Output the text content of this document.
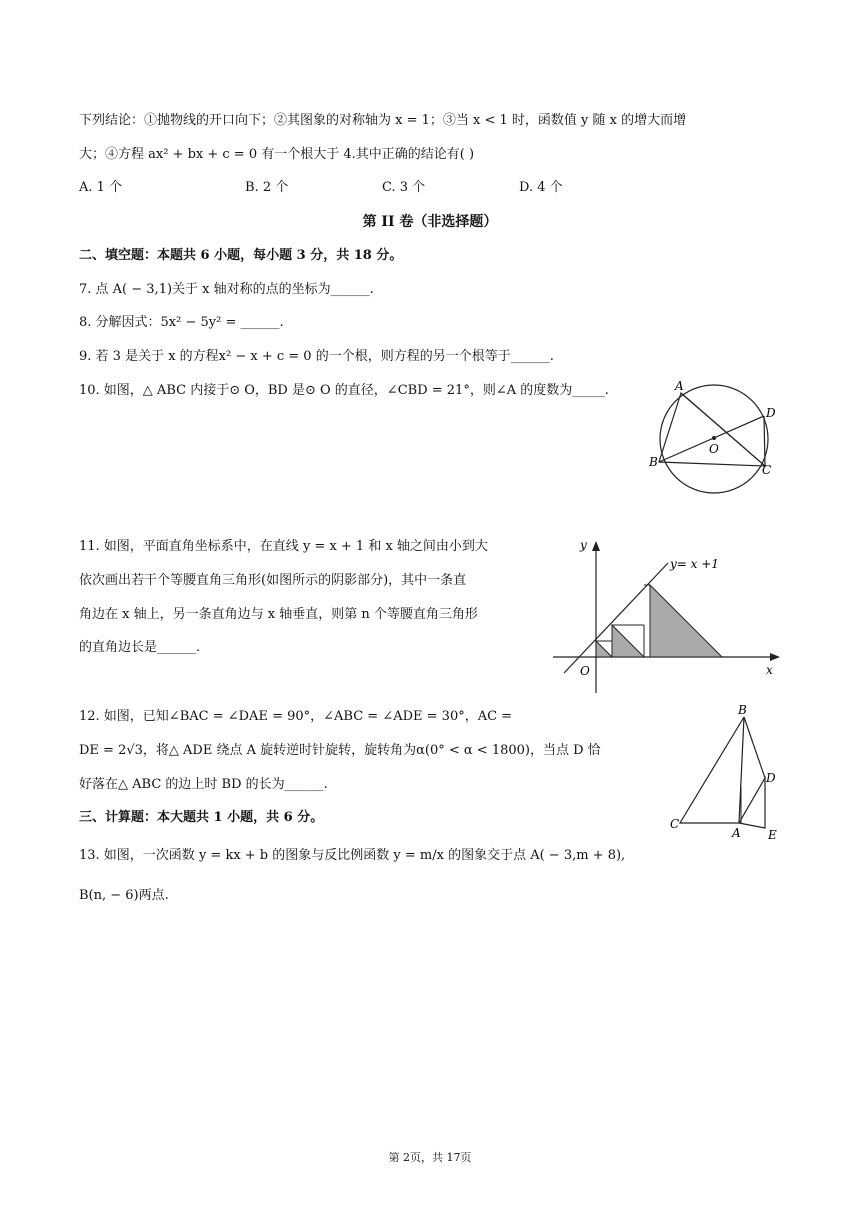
下列结论：①抛物线的开口向下；②其图象的对称轴为 x = 1；③当 x < 1 时，函数值 y 随 x 的增大而增
大；④方程 ax² + bx + c = 0 有一个根大于 4.其中正确的结论有( )
A. 1 个	B. 2 个	C. 3 个	D. 4 个
第 II 卷（非选择题）
二、填空题：本题共 6 小题，每小题 3 分，共 18 分。
7. 点 A( − 3,1)关于 x 轴对称的点的坐标为______.
8. 分解因式：5x² − 5y² = ______.
9. 若 3 是关于 x 的方程x² − x + c = 0 的一个根，则方程的另一个根等于______.
10. 如图，△ ABC 内接于⊙ O，BD 是⊙ O 的直径，∠CBD = 21°，则∠A 的度数为_____.	A
D
O
B
C
11. 如图，平面直角坐标系中，在直线 y = x + 1 和 x 轴之间由小到大
依次画出若干个等腰直角三角形(如图所示的阴影部分)，其中一条直
角边在 x 轴上，另一条直角边与 x 轴垂直，则第 n 个等腰直角三角形
的直角边长是______.
y
x
O
y= x +1
12. 如图，已知∠BAC = ∠DAE = 90°，∠ABC = ∠ADE = 30°，AC =
DE = 2√3，将△ ADE 绕点 A 旋转逆时针旋转，旋转角为α(0° < α < 1800)，当点 D 恰
好落在△ ABC 的边上时 BD 的长为______.
B
D
C
A E
三、计算题：本大题共 1 小题，共 6 分。
13. 如图，一次函数 y = kx + b 的图象与反比例函数 y = m/x 的图象交于点 A( − 3,m + 8),
B(n, − 6)两点.
第 2页，共 17页
